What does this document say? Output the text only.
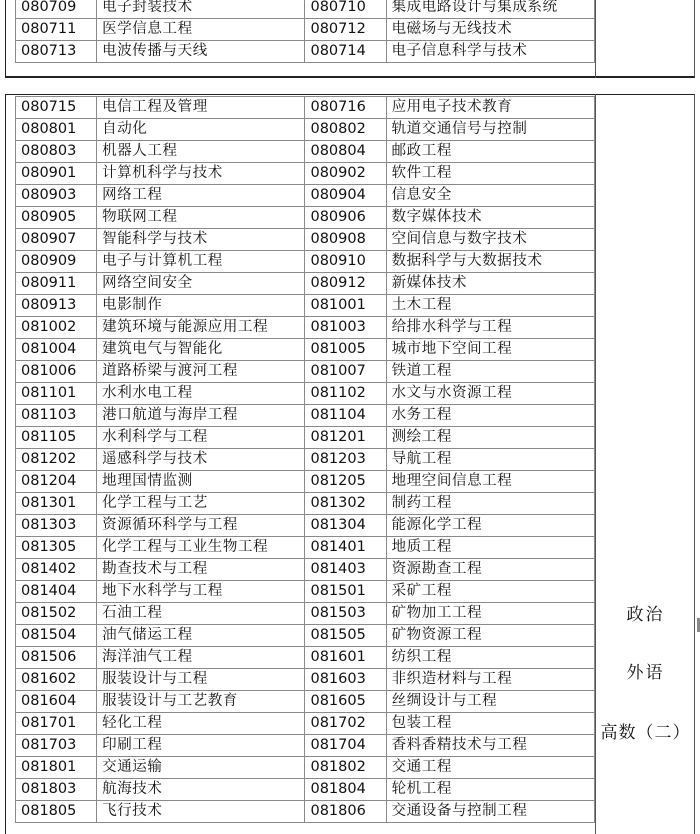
080709	电子封装技术	080710	集成电路设计与集成系统
080711	医学信息工程	080712	电磁场与无线技术
080713	电波传播与天线	080714	电子信息科学与技术
080715	电信工程及管理	080716	应用电子技术教育
080801	自动化	080802	轨道交通信号与控制
080803	机器人工程	080804	邮政工程
080901	计算机科学与技术	080902	软件工程
080903	网络工程	080904	信息安全
080905	物联网工程	080906	数字媒体技术
080907	智能科学与技术	080908	空间信息与数字技术
080909	电子与计算机工程	080910	数据科学与大数据技术
080911	网络空间安全	080912	新媒体技术
080913	电影制作	081001	土木工程
081002	建筑环境与能源应用工程	081003	给排水科学与工程
081004	建筑电气与智能化	081005	城市地下空间工程
081006	道路桥梁与渡河工程	081007	铁道工程
081101	水利水电工程	081102	水文与水资源工程
081103	港口航道与海岸工程	081104	水务工程
081105	水利科学与工程	081201	测绘工程
081202	遥感科学与技术	081203	导航工程
081204	地理国情监测	081205	地理空间信息工程
081301	化学工程与工艺	081302	制药工程
081303	资源循环科学与工程	081304	能源化学工程
081305	化学工程与工业生物工程	081401	地质工程
081402	勘查技术与工程	081403	资源勘查工程
081404	地下水科学与工程	081501	采矿工程
081502	石油工程	081503	矿物加工工程
081504	油气储运工程	081505	矿物资源工程
081506	海洋油气工程	081601	纺织工程
081602	服装设计与工程	081603	非织造材料与工程
081604	服装设计与工艺教育	081605	丝绸设计与工程
081701	轻化工程	081702	包装工程
081703	印刷工程	081704	香料香精技术与工程
081801	交通运输	081802	交通工程
081803	航海技术	081804	轮机工程
081805	飞行技术	081806	交通设备与控制工程
政治
外语
高数（二）
